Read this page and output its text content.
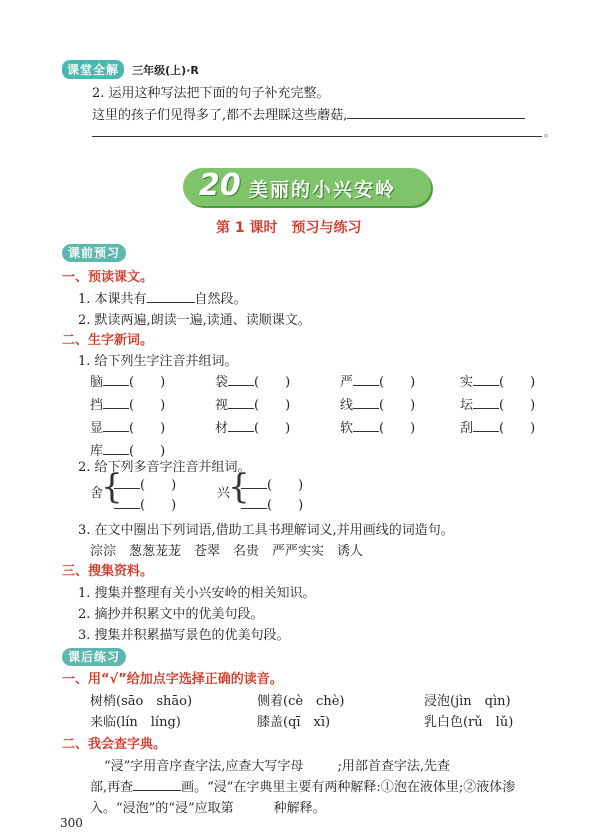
课堂全解 三年级(上)·R
2. 运用这种写法把下面的句子补充完整。
这里的孩子们见得多了,都不去理睬这些蘑菇,
。
20 美丽的小兴安岭
第 1 课时　预习与练习
课前预习
一、预读课文。
1. 本课共有	自然段。
2. 默读两遍,朗读一遍,读通、读顺课文。
二、生字新词。
1. 给下列生字注音并组词。
脑 (　　)	袋 (　　)	严 (　　)	实 (　　)
挡 (　　)	视 (　　)	线 (　　)	坛 (　　)
显 (　　)	材 (　　)	软 (　　)	刮 (　　)
库 (　　)
2. 给下列多音字注音并组词。
舍
{	(　　)
(　　)
兴
{	(　　)
(　　)
3. 在文中圈出下列词语,借助工具书理解词义,并用画线的词造句。
淙淙　葱葱茏茏　苍翠　名贵　严严实实　诱人
三、搜集资料。
1. 搜集并整理有关小兴安岭的相关知识。
2. 摘抄并积累文中的优美句段。
3. 搜集并积累描写景色的优美句段。
课后练习
一、用“√”给加点字选择正确的读音。
树梢(sāo　shāo)	侧着(cè　chè)	浸泡(jìn　qìn)
来临(lín　líng)	膝盖(qī　xī)	乳白色(rǔ　lǔ)
二、我会查字典。
“浸”字用音序查字法,应查大写字母	;用部首查字法,先查
部,再查	画。“浸”在字典里主要有两种解释:①泡在液体里;②液体渗
入。“浸泡”的“浸”应取第	种解释。
300
